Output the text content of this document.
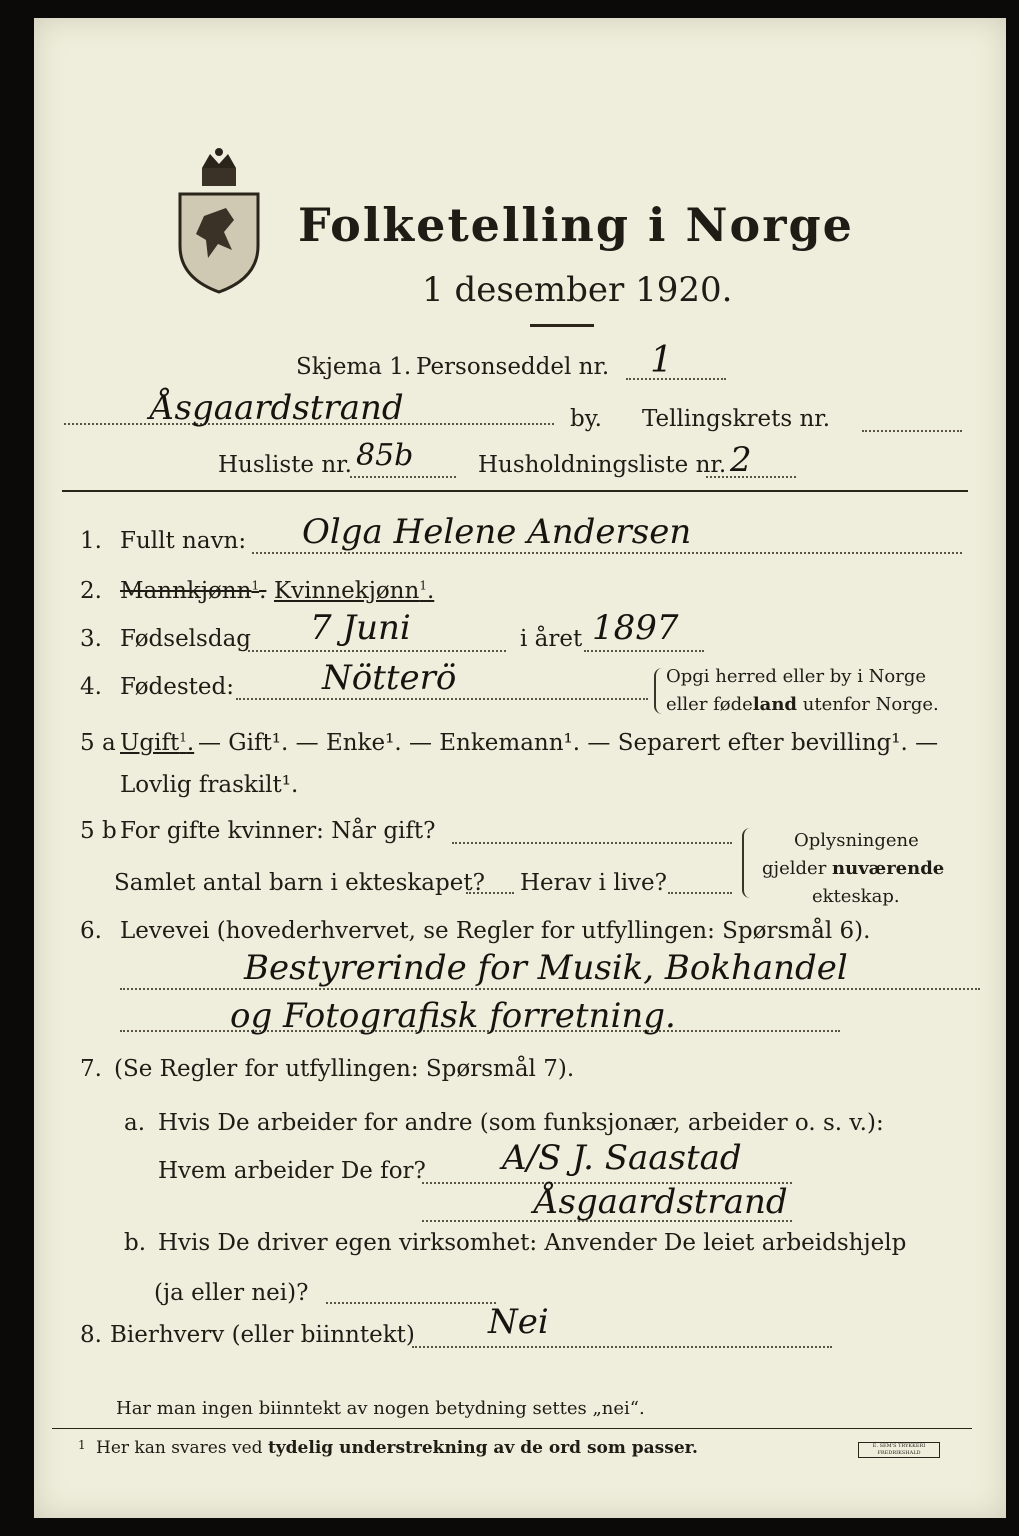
Folketelling i Norge
1 desember 1920.
Skjema 1. Personseddel nr. 1
Åsgaardstrand	by. Tellingskrets nr.
Husliste nr. 85b	Husholdningsliste nr. 2
1. Fullt navn: Olga Helene Andersen
2. Mannkjønn$^1$. Kvinnekjønn$^1$.
3. Fødselsdag 7 Juni	i året 1897
4. Fødested:	Nötterö	Opgi herred eller by i Norge
eller fødeland utenfor Norge.
5 a Ugift$^1$. — Gift¹. — Enke¹. — Enkemann¹. — Separert efter bevilling¹. —
Lovlig fraskilt¹.
5 b For gifte kvinner: Når gift?
Samlet antal barn i ekteskapet? Herav i live?
Oplysningene
gjelder nuværende
ekteskap.
6. Levevei (hovederhvervet, se Regler for utfyllingen: Spørsmål 6).
Bestyrerinde for Musik, Bokhandel
og Fotografisk forretning.
7. (Se Regler for utfyllingen: Spørsmål 7).
a. Hvis De arbeider for andre (som funksjonær, arbeider o. s. v.):
Hvem arbeider De for? A/S J. Saastad
Åsgaardstrand
b. Hvis De driver egen virksomhet: Anvender De leiet arbeidshjelp
(ja eller nei)?
8. Bierhverv (eller biinntekt) Nei
Har man ingen biinntekt av nogen betydning settes „nei“.
1 Her kan svares ved tydelig understrekning av de ord som passer.	E. SEM'S TRYKKERI FREDRIKSHALD
